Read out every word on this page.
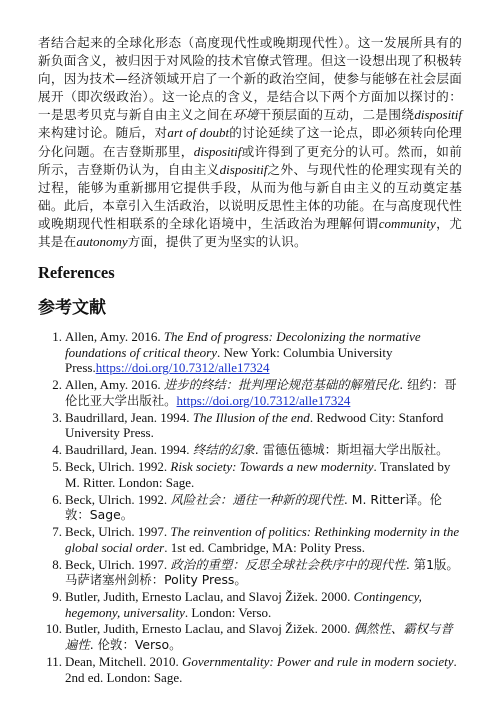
者结合起来的全球化形态（高度现代性或晚期现代性）。这一发展所具有的新负面含义，被归因于对风险的技术官僚式管理。但这一设想出现了积极转向，因为技术—经济领域开启了一个新的政治空间，使参与能够在社会层面展开（即次级政治）。这一论点的含义，是结合以下两个方面加以探讨的：一是思考贝克与新自由主义之间在环境干预层面的互动，二是围绕dispositif来构建讨论。随后，对art of doubt的讨论延续了这一论点，即必须转向伦理分化问题。在吉登斯那里，dispositif或许得到了更充分的认可。然而，如前所示，吉登斯仍认为，自由主义dispositif之外、与现代性的伦理实现有关的过程，能够为重新挪用它提供手段，从而为他与新自由主义的互动奠定基础。此后，本章引入生活政治，以说明反思性主体的功能。在与高度现代性或晚期现代性相联系的全球化语境中，生活政治为理解何谓community，尤其是在autonomy方面，提供了更为坚实的认识。

References
参考文献
1. Allen, Amy. 2016. The End of progress: Decolonizing the normative foundations of critical theory. New York: Columbia University Press.https://doi.org/10.7312/alle17324
2. Allen, Amy. 2016. 进步的终结：批判理论规范基础的解殖民化. 纽约：哥伦比亚大学出版社。https://doi.org/10.7312/alle17324
3. Baudrillard, Jean. 1994. The Illusion of the end. Redwood City: Stanford University Press.
4. Baudrillard, Jean. 1994. 终结的幻象. 雷德伍德城：斯坦福大学出版社。
5. Beck, Ulrich. 1992. Risk society: Towards a new modernity. Translated by M. Ritter. London: Sage.
6. Beck, Ulrich. 1992. 风险社会：通往一种新的现代性. M. Ritter译。伦敦：Sage。
7. Beck, Ulrich. 1997. The reinvention of politics: Rethinking modernity in the global social order. 1st ed. Cambridge, MA: Polity Press.
8. Beck, Ulrich. 1997. 政治的重塑：反思全球社会秩序中的现代性. 第1版。马萨诸塞州剑桥：Polity Press。
9. Butler, Judith, Ernesto Laclau, and Slavoj Žižek. 2000. Contingency, hegemony, universality. London: Verso.
10. Butler, Judith, Ernesto Laclau, and Slavoj Žižek. 2000. 偶然性、霸权与普遍性. 伦敦：Verso。
11. Dean, Mitchell. 2010. Governmentality: Power and rule in modern society. 2nd ed. London: Sage.
